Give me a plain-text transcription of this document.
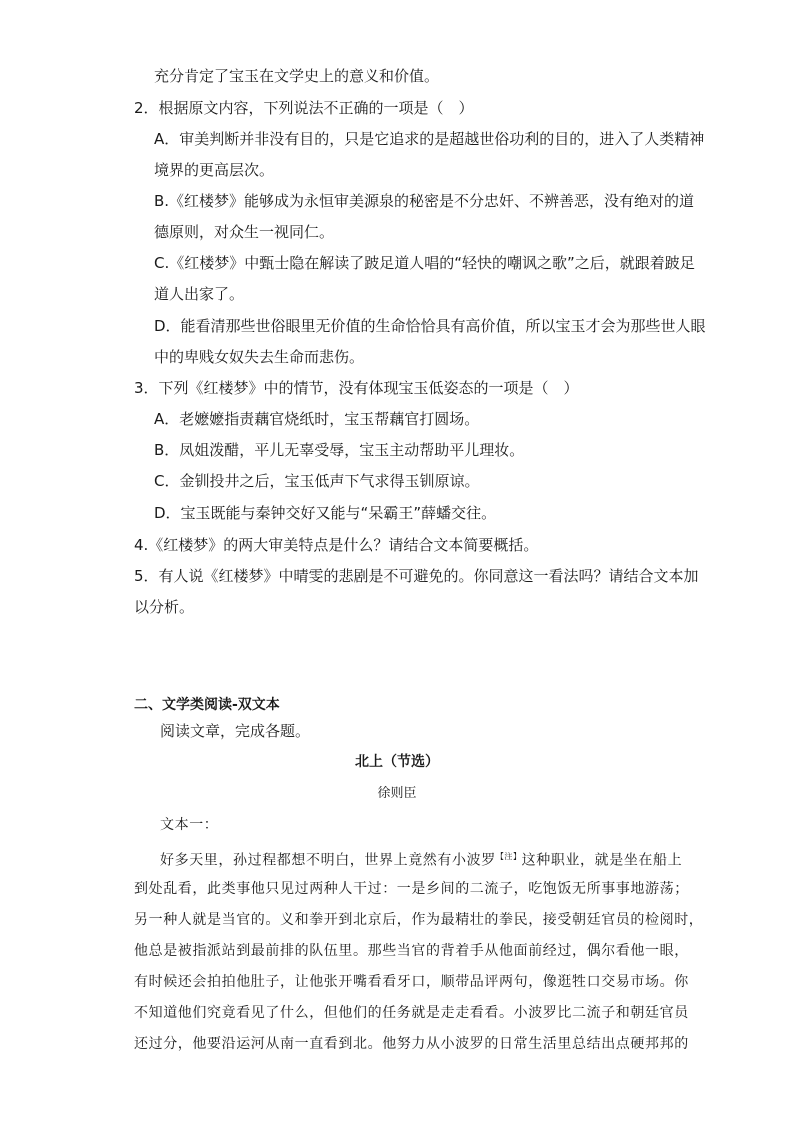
充分肯定了宝玉在文学史上的意义和价值。
2．根据原文内容，下列说法不正确的一项是（　）
A．审美判断并非没有目的，只是它追求的是超越世俗功利的目的，进入了人类精神
境界的更高层次。
B.《红楼梦》能够成为永恒审美源泉的秘密是不分忠奸、不辨善恶，没有绝对的道
德原则，对众生一视同仁。
C.《红楼梦》中甄士隐在解读了跛足道人唱的“轻快的嘲讽之歌”之后，就跟着跛足
道人出家了。
D．能看清那些世俗眼里无价值的生命恰恰具有高价值，所以宝玉才会为那些世人眼
中的卑贱女奴失去生命而悲伤。
3．下列《红楼梦》中的情节，没有体现宝玉低姿态的一项是（　）
A．老嬷嬷指责藕官烧纸时，宝玉帮藕官打圆场。
B．凤姐泼醋，平儿无辜受辱，宝玉主动帮助平儿理妆。
C．金钏投井之后，宝玉低声下气求得玉钏原谅。
D．宝玉既能与秦钟交好又能与“呆霸王”薛蟠交往。
4.《红楼梦》的两大审美特点是什么？请结合文本简要概括。
5．有人说《红楼梦》中晴雯的悲剧是不可避免的。你同意这一看法吗？请结合文本加
以分析。
二、文学类阅读-双文本
阅读文章，完成各题。
北上（节选）
徐则臣
文本一：
好多天里，孙过程都想不明白，世界上竟然有小波罗$^{【注】}$这种职业，就是坐在船上
到处乱看，此类事他只见过两种人干过：一是乡间的二流子，吃饱饭无所事事地游荡；
另一种人就是当官的。义和拳开到北京后，作为最精壮的拳民，接受朝廷官员的检阅时，
他总是被指派站到最前排的队伍里。那些当官的背着手从他面前经过，偶尔看他一眼，
有时候还会拍拍他肚子，让他张开嘴看看牙口，顺带品评两句，像逛牲口交易市场。你
不知道他们究竟看见了什么，但他们的任务就是走走看看。小波罗比二流子和朝廷官员
还过分，他要沿运河从南一直看到北。他努力从小波罗的日常生活里总结出点硬邦邦的
